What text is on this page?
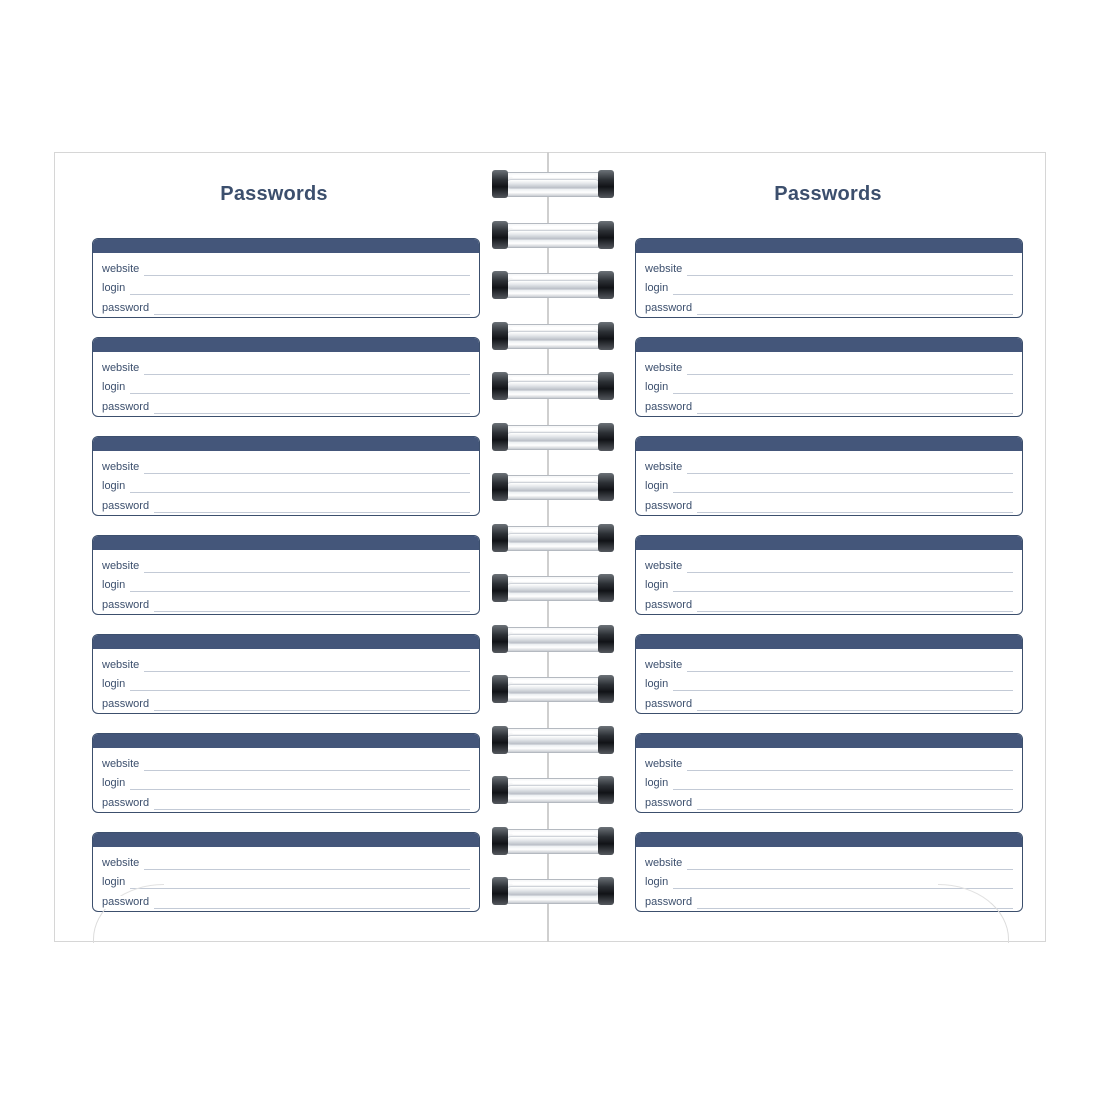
Passwords
website
login
password
website
login
password
website
login
password
website
login
password
website
login
password
website
login
password
website
login
password
Passwords
website
login
password
website
login
password
website
login
password
website
login
password
website
login
password
website
login
password
website
login
password
